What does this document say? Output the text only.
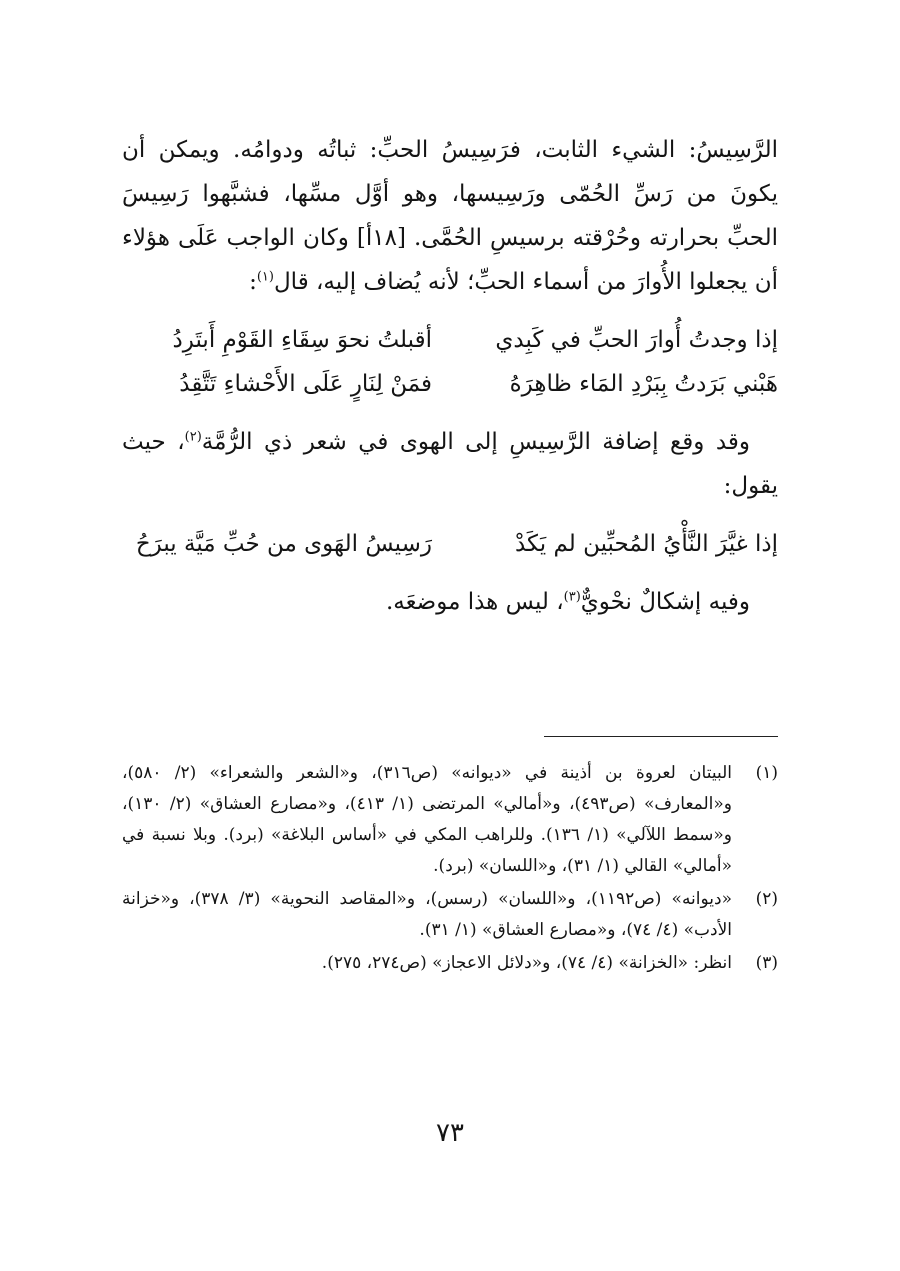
الرَّسِيسُ: الشيء الثابت، فرَسِيسُ الحبِّ: ثباتُه ودوامُه. ويمكن أن يكونَ من رَسِّ الحُمّى ورَسِيسها، وهو أوَّل مسِّها، فشبَّهوا رَسِيسَ الحبِّ بحرارته وحُرْقته برسيسِ الحُمَّى. [١٨أ] وكان الواجب عَلَى هؤلاء أن يجعلوا الأُوارَ من أسماء الحبِّ؛ لأنه يُضاف إليه، قال$^{(١)}$:

إذا وجدتُ أُوارَ الحبِّ في كَبِدي
أقبلتُ نحوَ سِقَاءِ القَوْمِ أَبتَرِدُ
هَبْني بَرَدتُ بِبَرْدِ المَاء ظاهِرَهُ
فمَنْ لِنَارٍ عَلَى الأَحْشاءِ تَتَّقِدُ

وقد وقع إضافة الرَّسِيسِ إلى الهوى في شعر ذي الرُّمَّة$^{(٢)}$، حيث يقول:

إذا غيَّرَ النَّأْيُ المُحبِّين لم يَكَدْ
رَسِيسُ الهَوى من حُبِّ مَيَّة يبرَحُ

وفيه إشكالٌ نحْويٌّ$^{(٣)}$، ليس هذا موضعَه.

(١)
البيتان لعروة بن أذينة في «ديوانه» (ص٣١٦)، و«الشعر والشعراء» (٢/ ٥٨٠)، و«المعارف» (ص٤٩٣)، و«أمالي» المرتضى (١/ ٤١٣)، و«مصارع العشاق» (٢/ ١٣٠)، و«سمط اللآلي» (١/ ١٣٦). وللراهب المكي في «أساس البلاغة» (برد). وبلا نسبة في «أمالي» القالي (١/ ٣١)، و«اللسان» (برد).
(٢)
«ديوانه» (ص١١٩٢)، و«اللسان» (رسس)، و«المقاصد النحوية» (٣/ ٣٧٨)، و«خزانة الأدب» (٤/ ٧٤)، و«مصارع العشاق» (١/ ٣١).
(٣)
انظر: «الخزانة» (٤/ ٧٤)، و«دلائل الاعجاز» (ص٢٧٤، ٢٧٥).
٧٣
